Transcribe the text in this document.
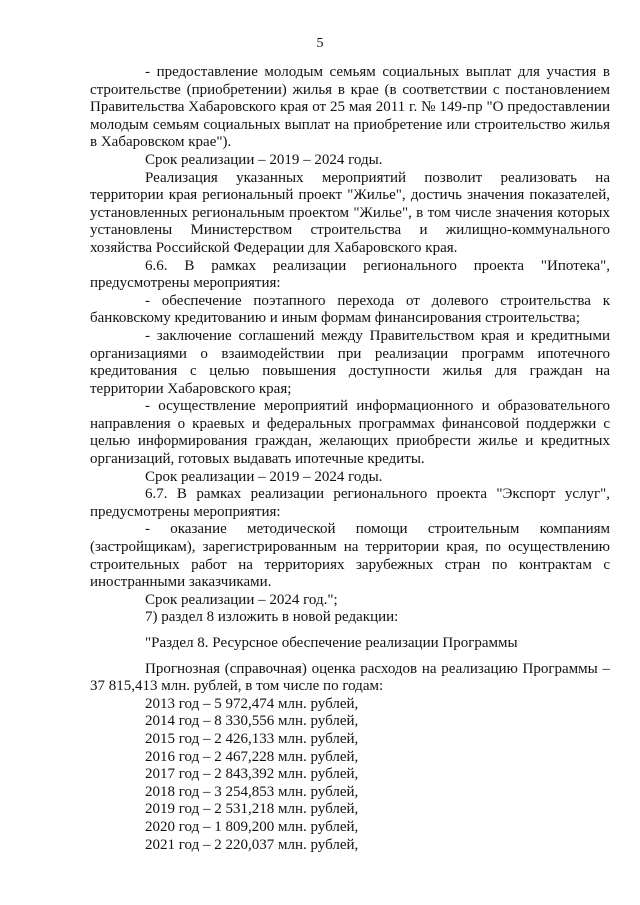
5

- предоставление молодым семьям социальных выплат для участия в строительстве (приобретении) жилья в крае (в соответствии с постановлением Правительства Хабаровского края от 25 мая 2011 г. № 149-пр "О предоставлении молодым семьям социальных выплат на приобретение или строительство жилья в Хабаровском крае").

Срок реализации – 2019 – 2024 годы.

Реализация указанных мероприятий позволит реализовать на территории края региональный проект "Жилье", достичь значения показателей, установленных региональным проектом "Жилье", в том числе значения которых установлены Министерством строительства и жилищно-коммунального хозяйства Российской Федерации для Хабаровского края.

6.6. В рамках реализации регионального проекта "Ипотека", предусмотрены мероприятия:

- обеспечение поэтапного перехода от долевого строительства к банковскому кредитованию и иным формам финансирования строительства;

- заключение соглашений между Правительством края и кредитными организациями о взаимодействии при реализации программ ипотечного кредитования с целью повышения доступности жилья для граждан на территории Хабаровского края;

- осуществление мероприятий информационного и образовательного направления о краевых и федеральных программах финансовой поддержки с целью информирования граждан, желающих приобрести жилье и кредитных организаций, готовых выдавать ипотечные кредиты.

Срок реализации – 2019 – 2024 годы.

6.7. В рамках реализации регионального проекта "Экспорт услуг", предусмотрены мероприятия:

- оказание методической помощи строительным компаниям (застройщикам), зарегистрированным на территории края, по осуществлению строительных работ на территориях зарубежных стран по контрактам с иностранными заказчиками.

Срок реализации – 2024 год.";

7) раздел 8 изложить в новой редакции:

"Раздел 8. Ресурсное обеспечение реализации Программы

Прогнозная (справочная) оценка расходов на реализацию Программы – 37 815,413 млн. рублей, в том числе по годам:

2013 год – 5 972,474 млн. рублей,

2014 год – 8 330,556 млн. рублей,

2015 год – 2 426,133 млн. рублей,

2016 год – 2 467,228 млн. рублей,

2017 год – 2 843,392 млн. рублей,

2018 год – 3 254,853 млн. рублей,

2019 год – 2 531,218 млн. рублей,

2020 год – 1 809,200 млн. рублей,

2021 год – 2 220,037 млн. рублей,
